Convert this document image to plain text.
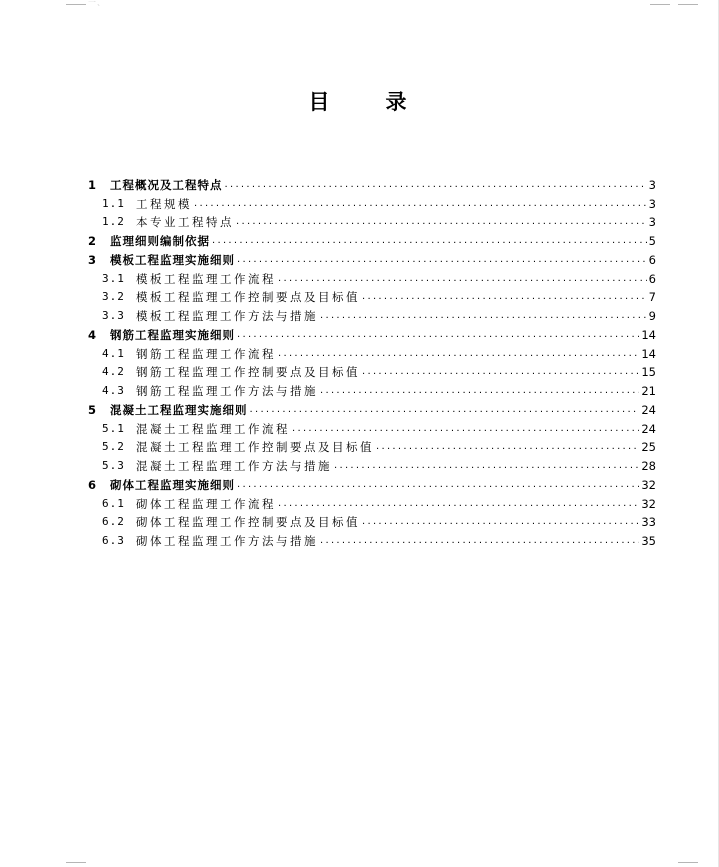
一、
目 录
1	工程概况及工程特点 .....	3
1.1 工程规模 .....	3
1.2 本专业工程特点 .....	3
2	监理细则编制依据 .....	5
3	模板工程监理实施细则 .....	6
3.1 模板工程监理工作流程 .....	6
3.2 模板工程监理工作控制要点及目标值 .....	7
3.3 模板工程监理工作方法与措施 .....	9
4	钢筋工程监理实施细则 .....	14
4.1 钢筋工程监理工作流程 .....	14
4.2 钢筋工程监理工作控制要点及目标值 .....	15
4.3 钢筋工程监理工作方法与措施 .....	21
5	混凝土工程监理实施细则 .....	24
5.1 混凝土工程监理工作流程 .....	24
5.2 混凝土工程监理工作控制要点及目标值 .....	25
5.3 混凝土工程监理工作方法与措施 .....	28
6	砌体工程监理实施细则 .....	32
6.1 砌体工程监理工作流程 .....	32
6.2 砌体工程监理工作控制要点及目标值 .....	33
6.3 砌体工程监理工作方法与措施 .....	35
